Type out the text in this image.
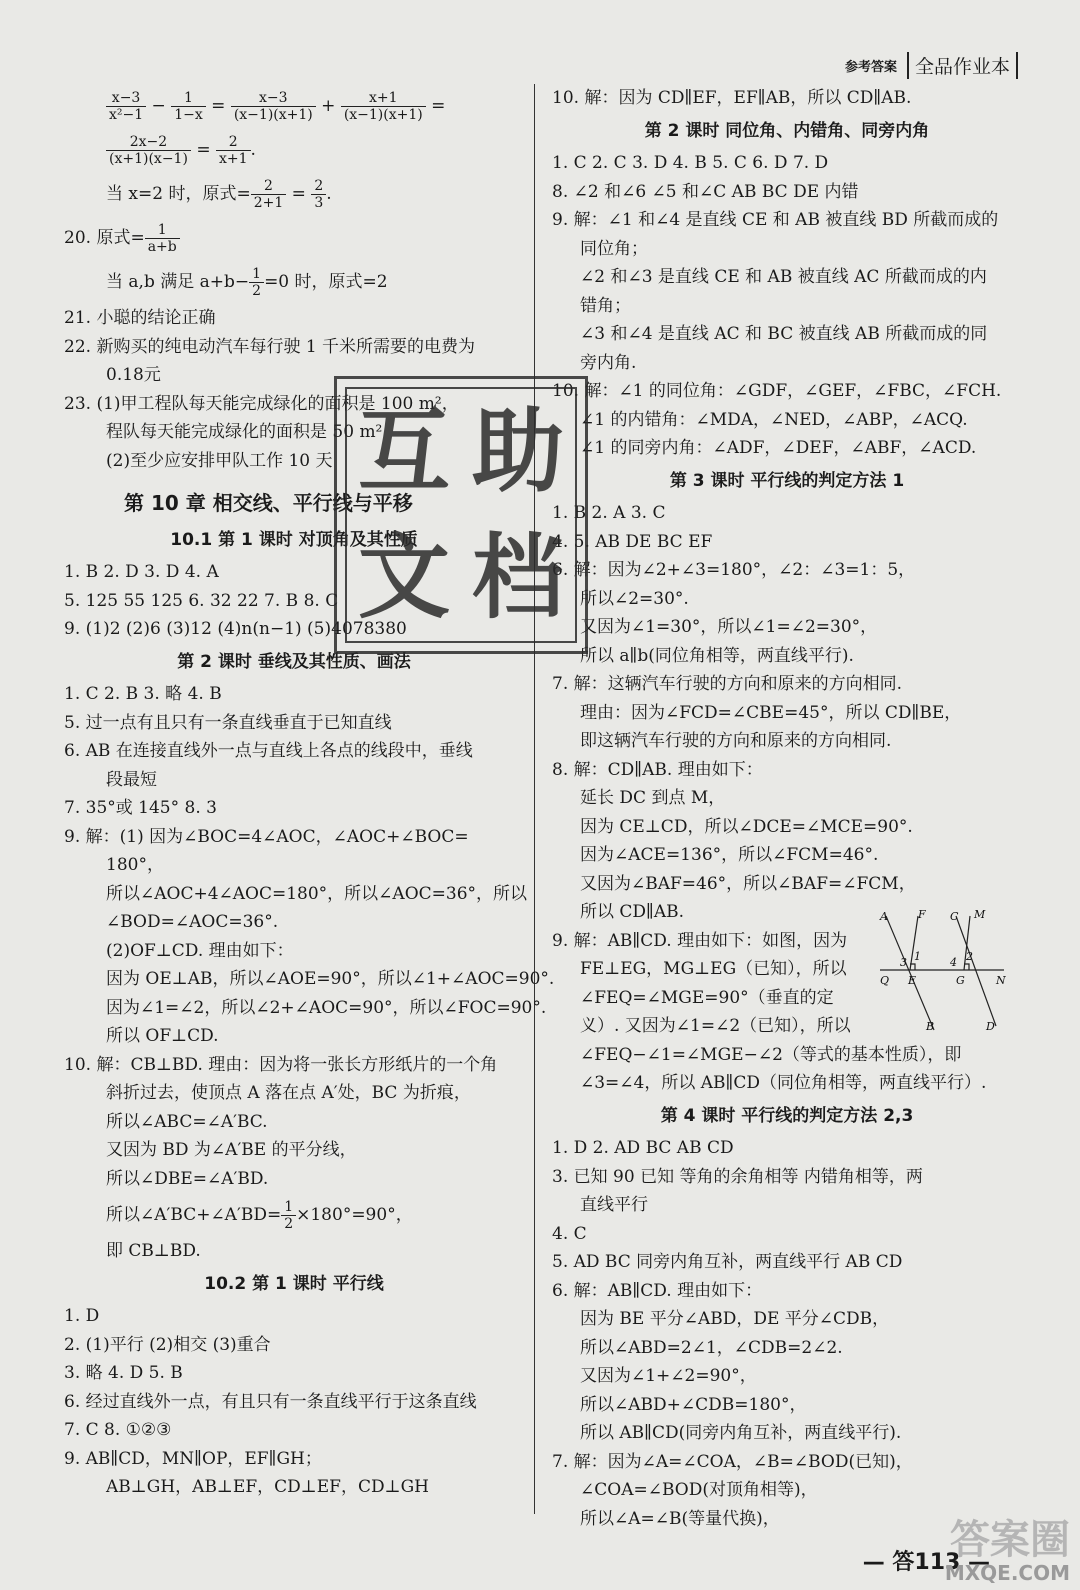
参考答案 全品作业本
$\frac{x-3}{\text{x²−1}} - \frac{1}{1-x} = \frac{x-3}{(x-1)(x+1)} + \frac{x+1}{(x-1)(x+1)}$ =
$\frac{2x-2}{(x+1)(x-1)} = \frac{2}{x+1}$ .
当 x=2 时，原式= $\frac{2}{2+1} = \frac{2}{3}$ .
20. 原式= $\frac{1}{a+b}$
当 a,b 满足 $a+b- \frac{1}{2} =0$ 时，原式=2
21. 小聪的结论正确
22. 新购买的纯电动汽车每行驶 1 千米所需要的电费为
0.18元
23. (1)甲工程队每天能完成绿化的面积是 100 m²，
程队每天能完成绿化的面积是 50 m²
(2)至少应安排甲队工作 10 天
第 10 章 相交线、平行线与平移
10.1 第 1 课时 对顶角及其性质
1. B 2. D 3. D 4. A
5. 125 55 125 6. 32 22 7. B 8. C
9. (1)2 (2)6 (3)12 (4)n(n−1) (5)4078380
第 2 课时 垂线及其性质、画法
1. C 2. B 3. 略 4. B
5. 过一点有且只有一条直线垂直于已知直线
6. AB 在连接直线外一点与直线上各点的线段中，垂线
段最短
7. 35°或 145° 8. 3
9. 解：(1) 因为∠BOC=4∠AOC，∠AOC+∠BOC=
180°，
所以∠AOC+4∠AOC=180°，所以∠AOC=36°，所以
∠BOD=∠AOC=36°.
(2)OF⊥CD. 理由如下：
因为 OE⊥AB，所以∠AOE=90°，所以∠1+∠AOC=90°.
因为∠1=∠2，所以∠2+∠AOC=90°，所以∠FOC=90°.
所以 OF⊥CD.
10. 解：CB⊥BD. 理由：因为将一张长方形纸片的一个角
斜折过去，使顶点 A 落在点 A′处，BC 为折痕，
所以∠ABC=∠A′BC.
又因为 BD 为∠A′BE 的平分线，
所以∠DBE=∠A′BD.
所以∠A′BC+∠A′BD= $\frac{1}{2} \times 180^\circ=90^\circ$，
即 CB⊥BD.
10.2 第 1 课时 平行线
1. D
2. (1)平行 (2)相交 (3)重合
3. 略 4. D 5. B
6. 经过直线外一点，有且只有一条直线平行于这条直线
7. C 8. ①②③
9. AB∥CD，MN∥OP，EF∥GH；
AB⊥GH，AB⊥EF，CD⊥EF，CD⊥GH
10. 解：因为 CD∥EF，EF∥AB，所以 CD∥AB.
第 2 课时 同位角、内错角、同旁内角
1. C 2. C 3. D 4. B 5. C 6. D 7. D
8. ∠2 和∠6 ∠5 和∠C AB BC DE 内错
9. 解：∠1 和∠4 是直线 CE 和 AB 被直线 BD 所截而成的
同位角；
∠2 和∠3 是直线 CE 和 AB 被直线 AC 所截而成的内
错角；
∠3 和∠4 是直线 AC 和 BC 被直线 AB 所截而成的同
旁内角.
10. 解：∠1 的同位角：∠GDF，∠GEF，∠FBC，∠FCH.
∠1 的内错角：∠MDA，∠NED，∠ABP，∠ACQ.
∠1 的同旁内角：∠ADF，∠DEF，∠ABF，∠ACD.
第 3 课时 平行线的判定方法 1
1. B 2. A 3. C
4. 5. AB DE BC EF
6. 解：因为∠2+∠3=180°，∠2：∠3=1：5，
所以∠2=30°.
又因为∠1=30°，所以∠1=∠2=30°，
所以 a∥b(同位角相等，两直线平行).
7. 解：这辆汽车行驶的方向和原来的方向相同.
理由：因为∠FCD=∠CBE=45°，所以 CD∥BE，
即这辆汽车行驶的方向和原来的方向相同.
8. 解：CD∥AB. 理由如下：
延长 DC 到点 M，
因为 CE⊥CD，所以∠DCE=∠MCE=90°.
因为∠ACE=136°，所以∠FCM=46°.
又因为∠BAF=46°，所以∠BAF=∠FCM，
所以 CD∥AB.
9. 解：AB∥CD. 理由如下：如图，因为
FE⊥EG，MG⊥EG（已知），所以
∠FEQ=∠MGE=90°（垂直的定
义）. 又因为∠1=∠2（已知），所以
∠FEQ−∠1=∠MGE−∠2（等式的基本性质），即
∠3=∠4，所以 AB∥CD（同位角相等，两直线平行）.
第 4 课时 平行线的判定方法 2,3
1. D 2. AD BC AB CD
3. 已知 90 已知 等角的余角相等 内错角相等，两
直线平行
4. C
5. AD BC 同旁内角互补，两直线平行 AB CD
6. 解：AB∥CD. 理由如下：
因为 BE 平分∠ABD，DE 平分∠CDB，
所以∠ABD=2∠1，∠CDB=2∠2.
又因为∠1+∠2=90°，
所以∠ABD+∠CDB=180°，
所以 AB∥CD(同旁内角互补，两直线平行).
7. 解：因为∠A=∠COA，∠B=∠BOD(已知)，
∠COA=∠BOD(对顶角相等)，
所以∠A=∠B(等量代换)，
A	F C M
Q
3 1
E
4 2
G	N
B	D
互 助
文 档
— 答113 —
答案圈
MXQE.COM
